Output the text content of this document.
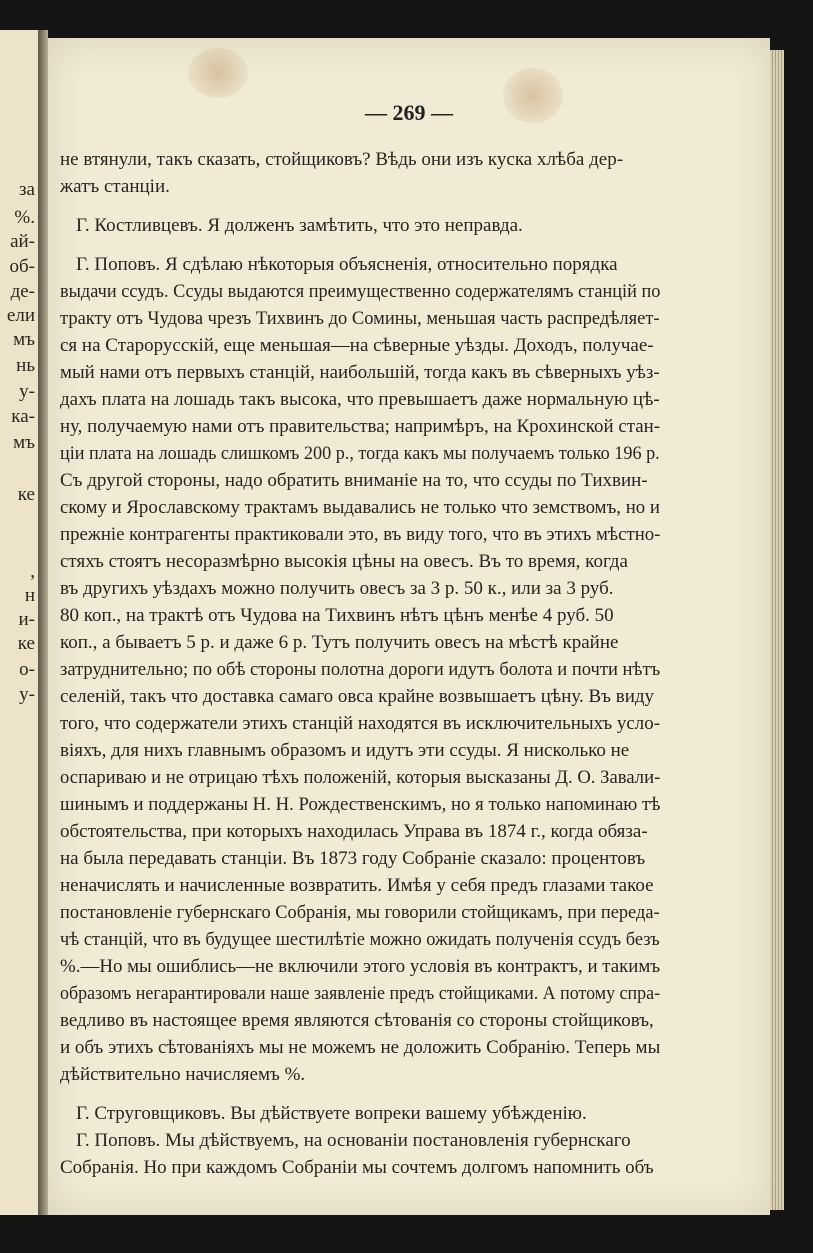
за
%.
ай-
об-
де-
ели
мъ
нь
у-
ка-
мъ
ке
,
н
и-
ке
о-
у-
— 269 —
не втянули, такъ сказать, стойщиковъ? Вѣдь они изъ куска хлѣба дер-
жатъ станціи.
Г. Костливцевъ. Я долженъ замѣтить, что это неправда.
Г. Поповъ. Я сдѣлаю нѣкоторыя объясненія, относительно порядка
выдачи ссудъ. Ссуды выдаются преимущественно содержателямъ станцій по
тракту отъ Чудова чрезъ Тихвинъ до Сомины, меньшая часть распредѣляет-
ся на Старорусскій, еще меньшая—на сѣверные уѣзды. Доходъ, получае-
мый нами отъ первыхъ станцій, наибольшій, тогда какъ въ сѣверныхъ уѣз-
дахъ плата на лошадь такъ высока, что превышаетъ даже нормальную цѣ-
ну, получаемую нами отъ правительства; напримѣръ, на Крохинской стан-
ціи плата на лошадь слишкомъ 200 р., тогда какъ мы получаемъ только 196 р.
Съ другой стороны, надо обратить вниманіе на то, что ссуды по Тихвин-
скому и Ярославскому трактамъ выдавались не только что земствомъ, но и
прежніе контрагенты практиковали это, въ виду того, что въ этихъ мѣстно-
стяхъ стоятъ несоразмѣрно высокія цѣны на овесъ. Въ то время, когда
въ другихъ уѣздахъ можно получить овесъ за 3 р. 50 к., или за 3 руб.
80 коп., на трактѣ отъ Чудова на Тихвинъ нѣтъ цѣнъ менѣе 4 руб. 50
коп., а бываетъ 5 р. и даже 6 р. Тутъ получить овесъ на мѣстѣ крайне
затруднительно; по обѣ стороны полотна дороги идутъ болота и почти нѣтъ
селеній, такъ что доставка самаго овса крайне возвышаетъ цѣну. Въ виду
того, что содержатели этихъ станцій находятся въ исключительныхъ усло-
віяхъ, для нихъ главнымъ образомъ и идутъ эти ссуды. Я нисколько не
оспариваю и не отрицаю тѣхъ положеній, которыя высказаны Д. О. Завали-
шинымъ и поддержаны Н. Н. Рождественскимъ, но я только напоминаю тѣ
обстоятельства, при которыхъ находилась Управа въ 1874 г., когда обяза-
на была передавать станціи. Въ 1873 году Собраніе сказало: процентовъ
неначислять и начисленные возвратить. Имѣя у себя предъ глазами такое
постановленіе губернскаго Собранія, мы говорили стойщикамъ, при переда-
чѣ станцій, что въ будущее шестилѣтіе можно ожидать полученія ссудъ безъ
%.—Но мы ошиблись—не включили этого условія въ контрактъ, и такимъ
образомъ негарантировали наше заявленіе предъ стойщиками. А потому спра-
ведливо въ настоящее время являются сѣтованія со стороны стойщиковъ,
и объ этихъ сѣтованіяхъ мы не можемъ не доложить Собранію. Теперь мы
дѣйствительно начисляемъ %.
Г. Струговщиковъ. Вы дѣйствуете вопреки вашему убѣжденію.
Г. Поповъ. Мы дѣйствуемъ, на основаніи постановленія губернскаго
Собранія. Но при каждомъ Собраніи мы сочтемъ долгомъ напомнить объ
